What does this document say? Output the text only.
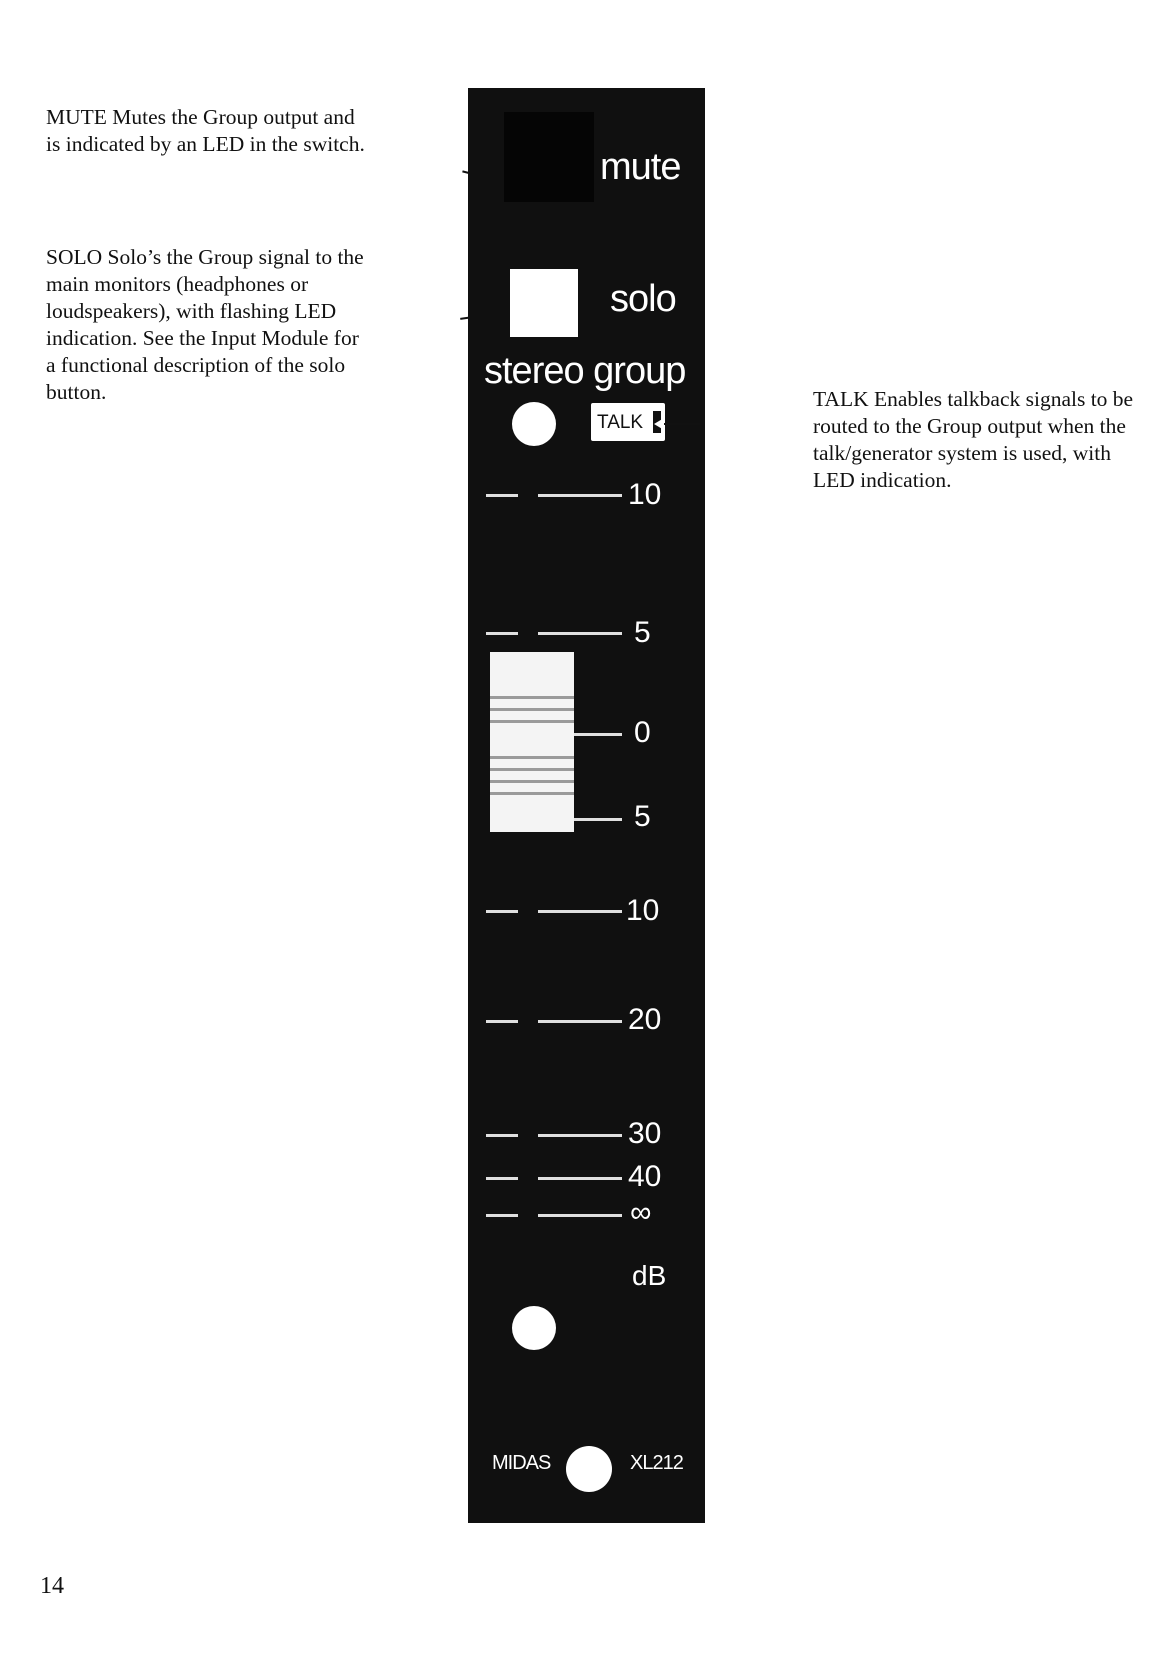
MUTE Mutes the Group output and is indicated by an LED in the switch.

SOLO Solo’s the Group signal to the main monitors (headphones or loudspeakers), with flashing LED indication. See the Input Module for a functional description of the solo button.	TALK Enables talkback signals to be routed to the Group output when the talk/generator system is used, with LED indication.

mute
solo
stereo group
TALK
10
5
0
5
10
20
30
40
∞
dB
MIDAS	XL212
14
